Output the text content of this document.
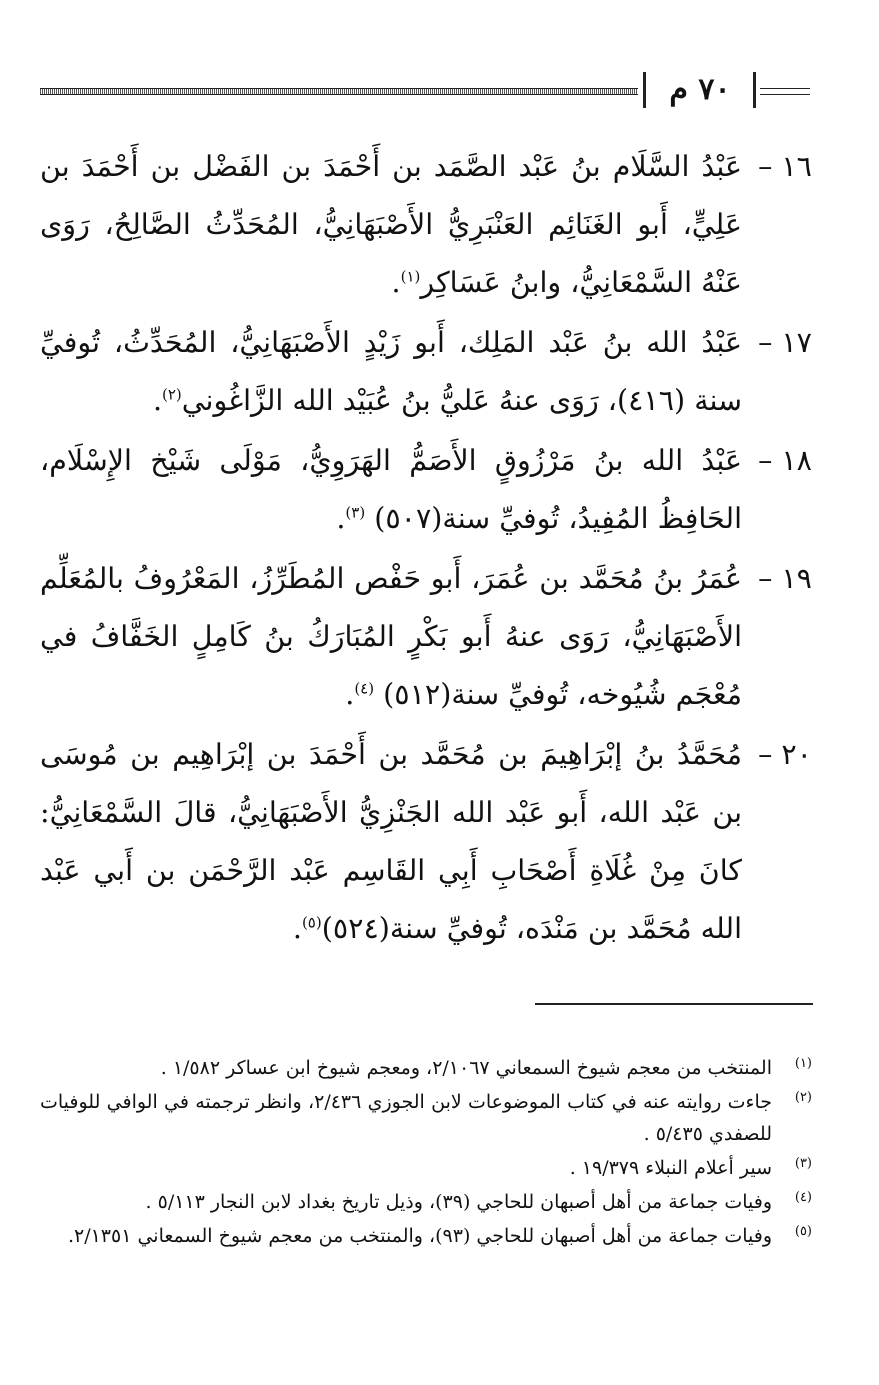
٧٠ م
١٦ –
عَبْدُ السَّلَام بنُ عَبْد الصَّمَد بن أَحْمَدَ بن الفَضْل بن أَحْمَدَ بن عَلِيٍّ، أَبو الغَنَائِم العَنْبَرِيُّ الأَصْبَهَانِيُّ، المُحَدِّثُ الصَّالِحُ، رَوَى عَنْهُ السَّمْعَانِيُّ، وابنُ عَسَاكِر$^{(١)}$.
١٧ –
عَبْدُ الله بنُ عَبْد المَلِك، أَبو زَيْدٍ الأَصْبَهَانِيُّ، المُحَدِّثُ، تُوفيِّ سنة (٤١٦)، رَوَى عنهُ عَليُّ بنُ عُبَيْد الله الزَّاغُوني$^{(٢)}$.
١٨ –
عَبْدُ الله بنُ مَرْزُوقٍ الأَصَمُّ الهَرَوِيُّ، مَوْلَى شَيْخ الإِسْلَام، الحَافِظُ المُفِيدُ، تُوفيِّ سنة(٥٠٧) $^{(٣)}$.
١٩ –
عُمَرُ بنُ مُحَمَّد بن عُمَرَ، أَبو حَفْص المُطَرِّزُ، المَعْرُوفُ بالمُعَلِّم الأَصْبَهَانِيُّ، رَوَى عنهُ أَبو بَكْرٍ المُبَارَكُ بنُ كَامِلٍ الخَفَّافُ في مُعْجَم شُيُوخه، تُوفيِّ سنة(٥١٢) $^{(٤)}$.
٢٠ –
مُحَمَّدُ بنُ إبْرَاهِيمَ بن مُحَمَّد بن أَحْمَدَ بن إبْرَاهِيم بن مُوسَى بن عَبْد الله، أَبو عَبْد الله الجَنْزِيُّ الأَصْبَهَانِيُّ، قالَ السَّمْعَانِيُّ: كانَ مِنْ غُلَاةِ أَصْحَابِ أَبِي القَاسِم عَبْد الرَّحْمَن بن أَبي عَبْد الله مُحَمَّد بن مَنْدَه، تُوفيِّ سنة(٥٢٤)$^{(٥)}$.
(١)
المنتخب من معجم شيوخ السمعاني ٢/١٠٦٧، ومعجم شيوخ ابن عساكر ١/٥٨٢ .
(٢)
جاءت روايته عنه في كتاب الموضوعات لابن الجوزي ٢/٤٣٦، وانظر ترجمته في الوافي للوفيات للصفدي ٥/٤٣٥ .
(٣)
سير أعلام النبلاء ١٩/٣٧٩ .
(٤)
وفيات جماعة من أهل أصبهان للحاجي (٣٩)، وذيل تاريخ بغداد لابن النجار ٥/١١٣ .
(٥)
وفيات جماعة من أهل أصبهان للحاجي (٩٣)، والمنتخب من معجم شيوخ السمعاني ٢/١٣٥١.
